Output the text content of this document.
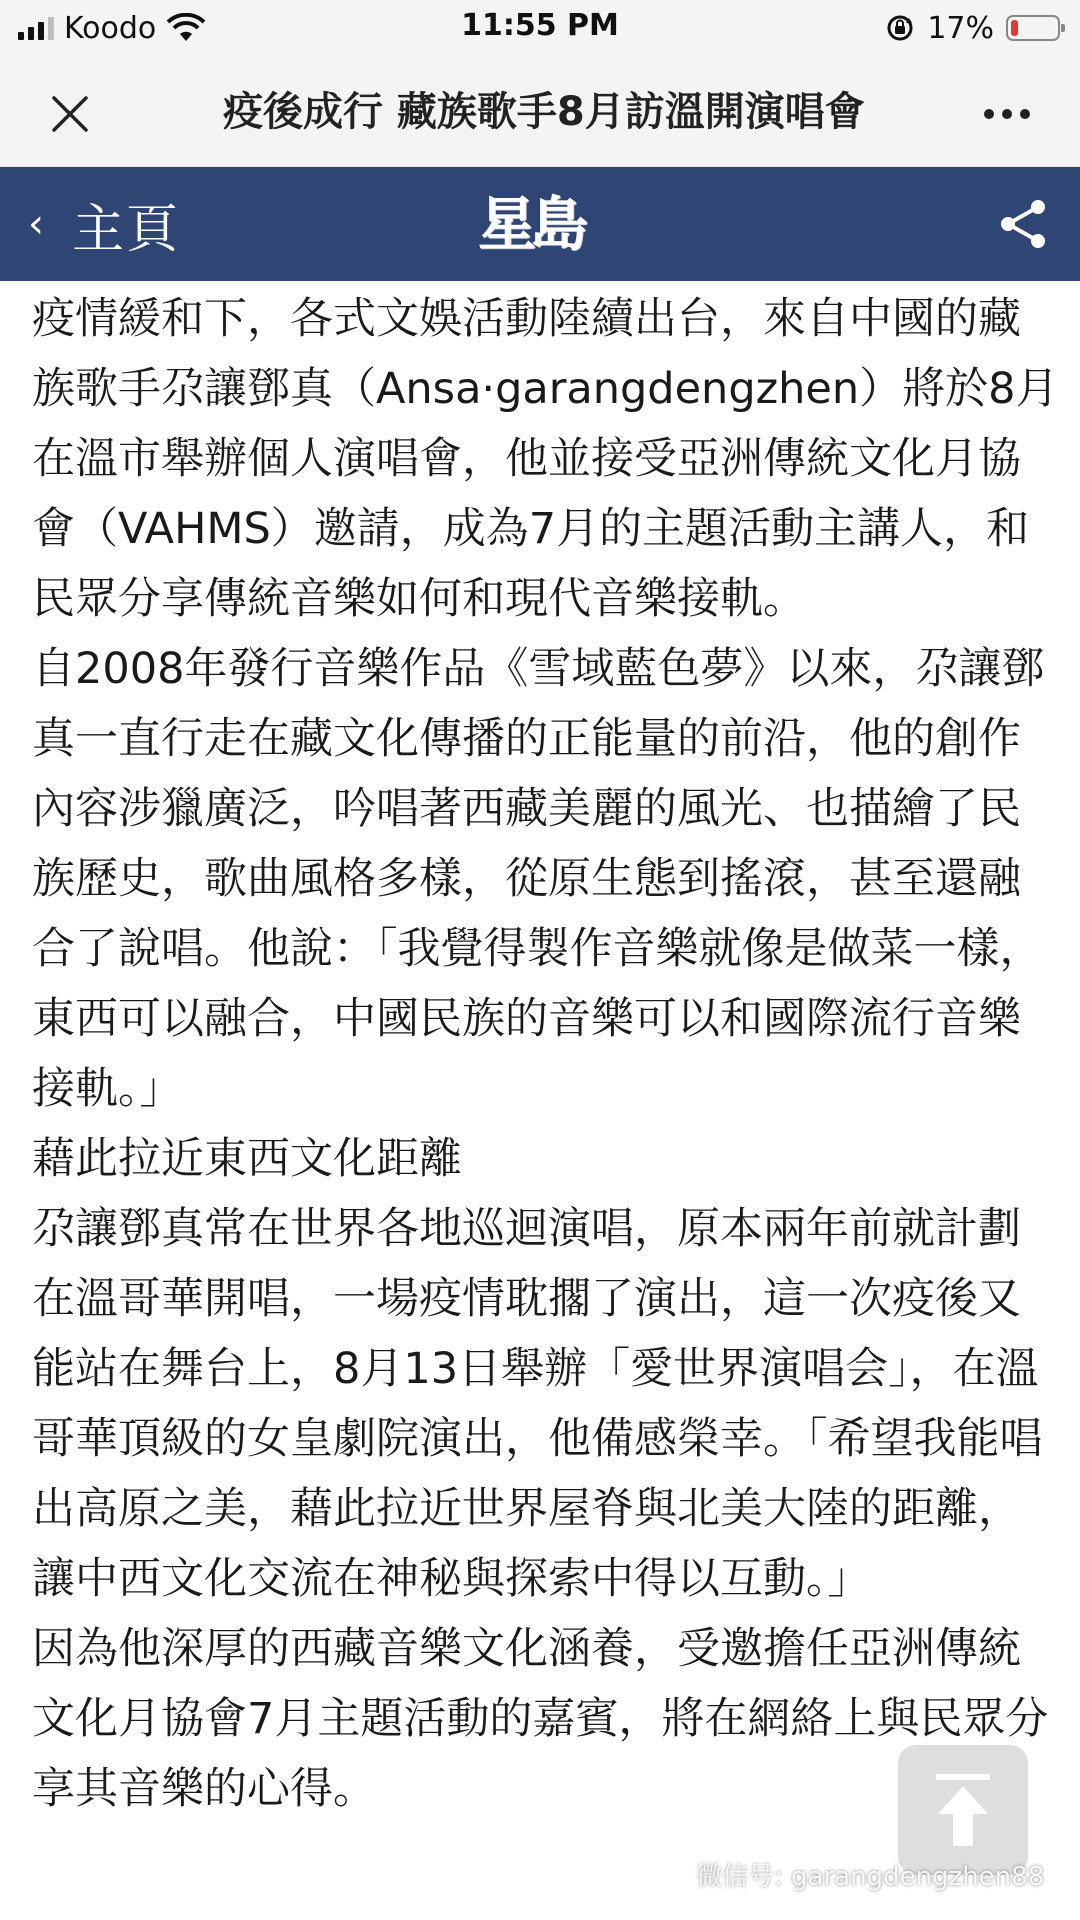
Koodo	11:55 PM	17%
疫後成行 藏族歌手8月訪溫開演唱會
‹ 主頁	星島

疫情緩和下，各式文娛活動陸續出台，來自中國的藏族歌手尕讓鄧真（Ansa·garangdengzhen）將於8月在溫市舉辦個人演唱會，他並接受亞洲傳統文化月協會（VAHMS）邀請，成為7月的主題活動主講人，和民眾分享傳統音樂如何和現代音樂接軌。

自2008年發行音樂作品《雪域藍色夢》以來，尕讓鄧真一直行走在藏文化傳播的正能量的前沿，他的創作內容涉獵廣泛，吟唱著西藏美麗的風光、也描繪了民族歷史，歌曲風格多樣，從原生態到搖滾，甚至還融合了說唱。他說：「我覺得製作音樂就像是做菜一樣，東西可以融合，中國民族的音樂可以和國際流行音樂接軌。」

藉此拉近東西文化距離

尕讓鄧真常在世界各地巡迴演唱，原本兩年前就計劃在溫哥華開唱，一場疫情耽擱了演出，這一次疫後又能站在舞台上，8月13日舉辦「愛世界演唱会」，在溫哥華頂級的女皇劇院演出，他備感榮幸。「希望我能唱出高原之美，藉此拉近世界屋脊與北美大陸的距離，讓中西文化交流在神秘與探索中得以互動。」

因為他深厚的西藏音樂文化涵養，受邀擔任亞洲傳統文化月協會7月主題活動的嘉賓，將在網絡上與民眾分享其音樂的心得。

微信号: garangdengzhen88
